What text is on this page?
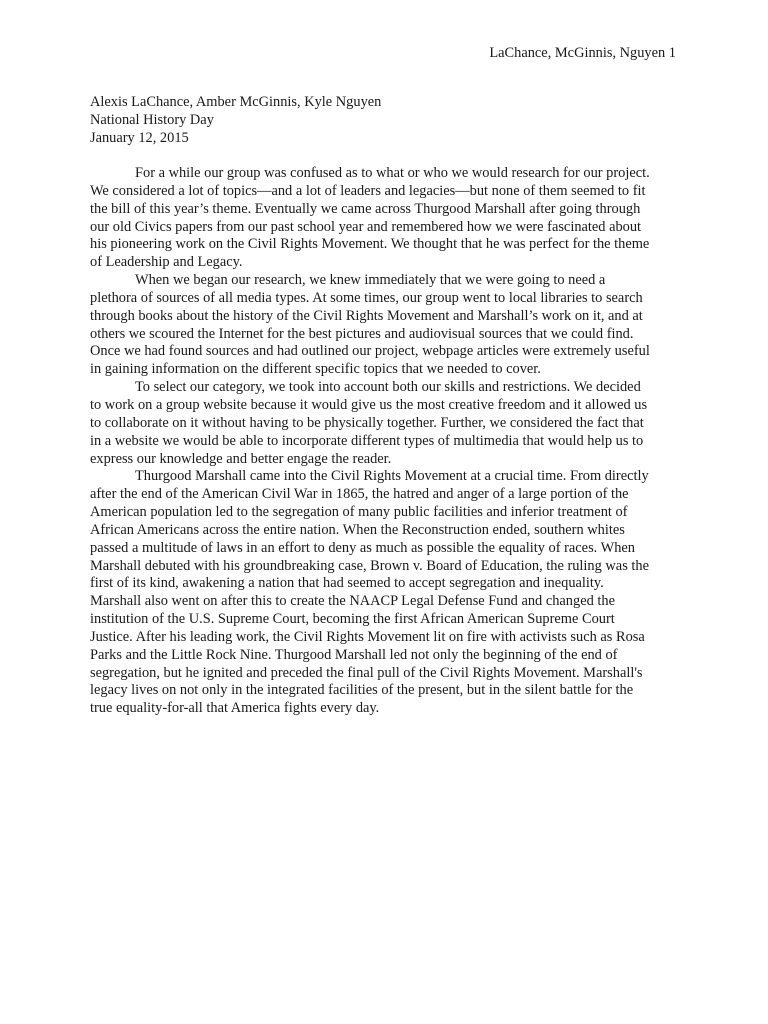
LaChance, McGinnis, Nguyen 1
Alexis LaChance, Amber McGinnis, Kyle Nguyen
National History Day
January 12, 2015
For a while our group was confused as to what or who we would research for our project.
We considered a lot of topics—and a lot of leaders and legacies—but none of them seemed to fit
the bill of this year’s theme. Eventually we came across Thurgood Marshall after going through
our old Civics papers from our past school year and remembered how we were fascinated about
his pioneering work on the Civil Rights Movement. We thought that he was perfect for the theme
of Leadership and Legacy.
When we began our research, we knew immediately that we were going to need a
plethora of sources of all media types. At some times, our group went to local libraries to search
through books about the history of the Civil Rights Movement and Marshall’s work on it, and at
others we scoured the Internet for the best pictures and audiovisual sources that we could find.
Once we had found sources and had outlined our project, webpage articles were extremely useful
in gaining information on the different specific topics that we needed to cover.
To select our category, we took into account both our skills and restrictions. We decided
to work on a group website because it would give us the most creative freedom and it allowed us
to collaborate on it without having to be physically together. Further, we considered the fact that
in a website we would be able to incorporate different types of multimedia that would help us to
express our knowledge and better engage the reader.
Thurgood Marshall came into the Civil Rights Movement at a crucial time. From directly
after the end of the American Civil War in 1865, the hatred and anger of a large portion of the
American population led to the segregation of many public facilities and inferior treatment of
African Americans across the entire nation. When the Reconstruction ended, southern whites
passed a multitude of laws in an effort to deny as much as possible the equality of races. When
Marshall debuted with his groundbreaking case, Brown v. Board of Education, the ruling was the
first of its kind, awakening a nation that had seemed to accept segregation and inequality.
Marshall also went on after this to create the NAACP Legal Defense Fund and changed the
institution of the U.S. Supreme Court, becoming the first African American Supreme Court
Justice. After his leading work, the Civil Rights Movement lit on fire with activists such as Rosa
Parks and the Little Rock Nine. Thurgood Marshall led not only the beginning of the end of
segregation, but he ignited and preceded the final pull of the Civil Rights Movement. Marshall's
legacy lives on not only in the integrated facilities of the present, but in the silent battle for the
true equality-for-all that America fights every day.
